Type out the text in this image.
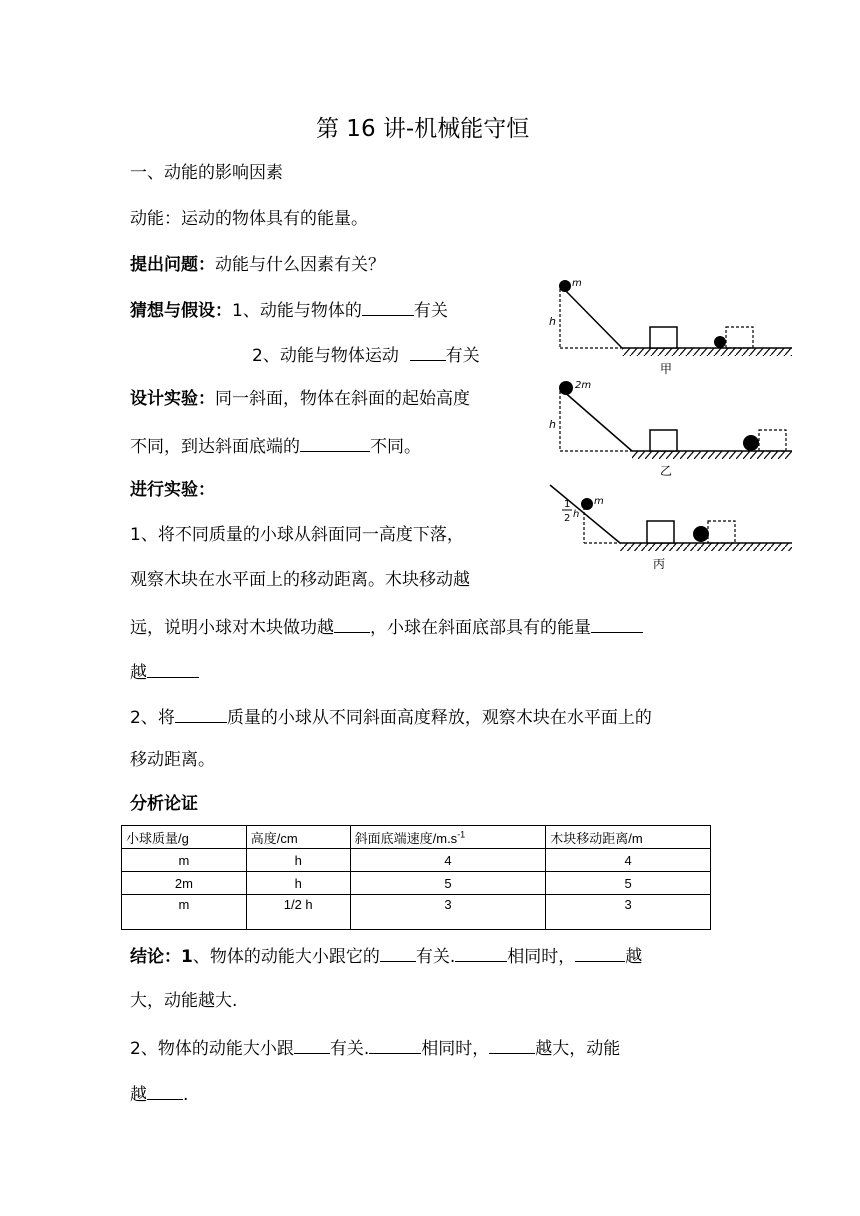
第 16 讲-机械能守恒
一、动能的影响因素
动能：运动的物体具有的能量。
提出问题：动能与什么因素有关？
猜想与假设：1、动能与物体的	有关
2、动能与物体运动	有关
设计实验：同一斜面，物体在斜面的起始高度
不同，到达斜面底端的	不同。
进行实验：
1、将不同质量的小球从斜面同一高度下落，
观察木块在水平面上的移动距离。木块移动越
远，说明小球对木块做功越 ，小球在斜面底部具有的能量
越
2、将	质量的小球从不同斜面高度释放，观察木块在水平面上的
移动距离。
分析论证
小球质量/g	高度/cm	斜面底端速度$/m.s^{-1}$	木块移动距离/m
m	h	4	4
2m	h	5	5
m	1/2 h	3	3
结论：1、物体的动能大小跟它的 有关.	相同时，	越
大，动能越大.
2、物体的动能大小跟 有关.	相同时，	越大，动能
越 .
m
h
甲
2m
h
乙
m
1
2 h
丙
